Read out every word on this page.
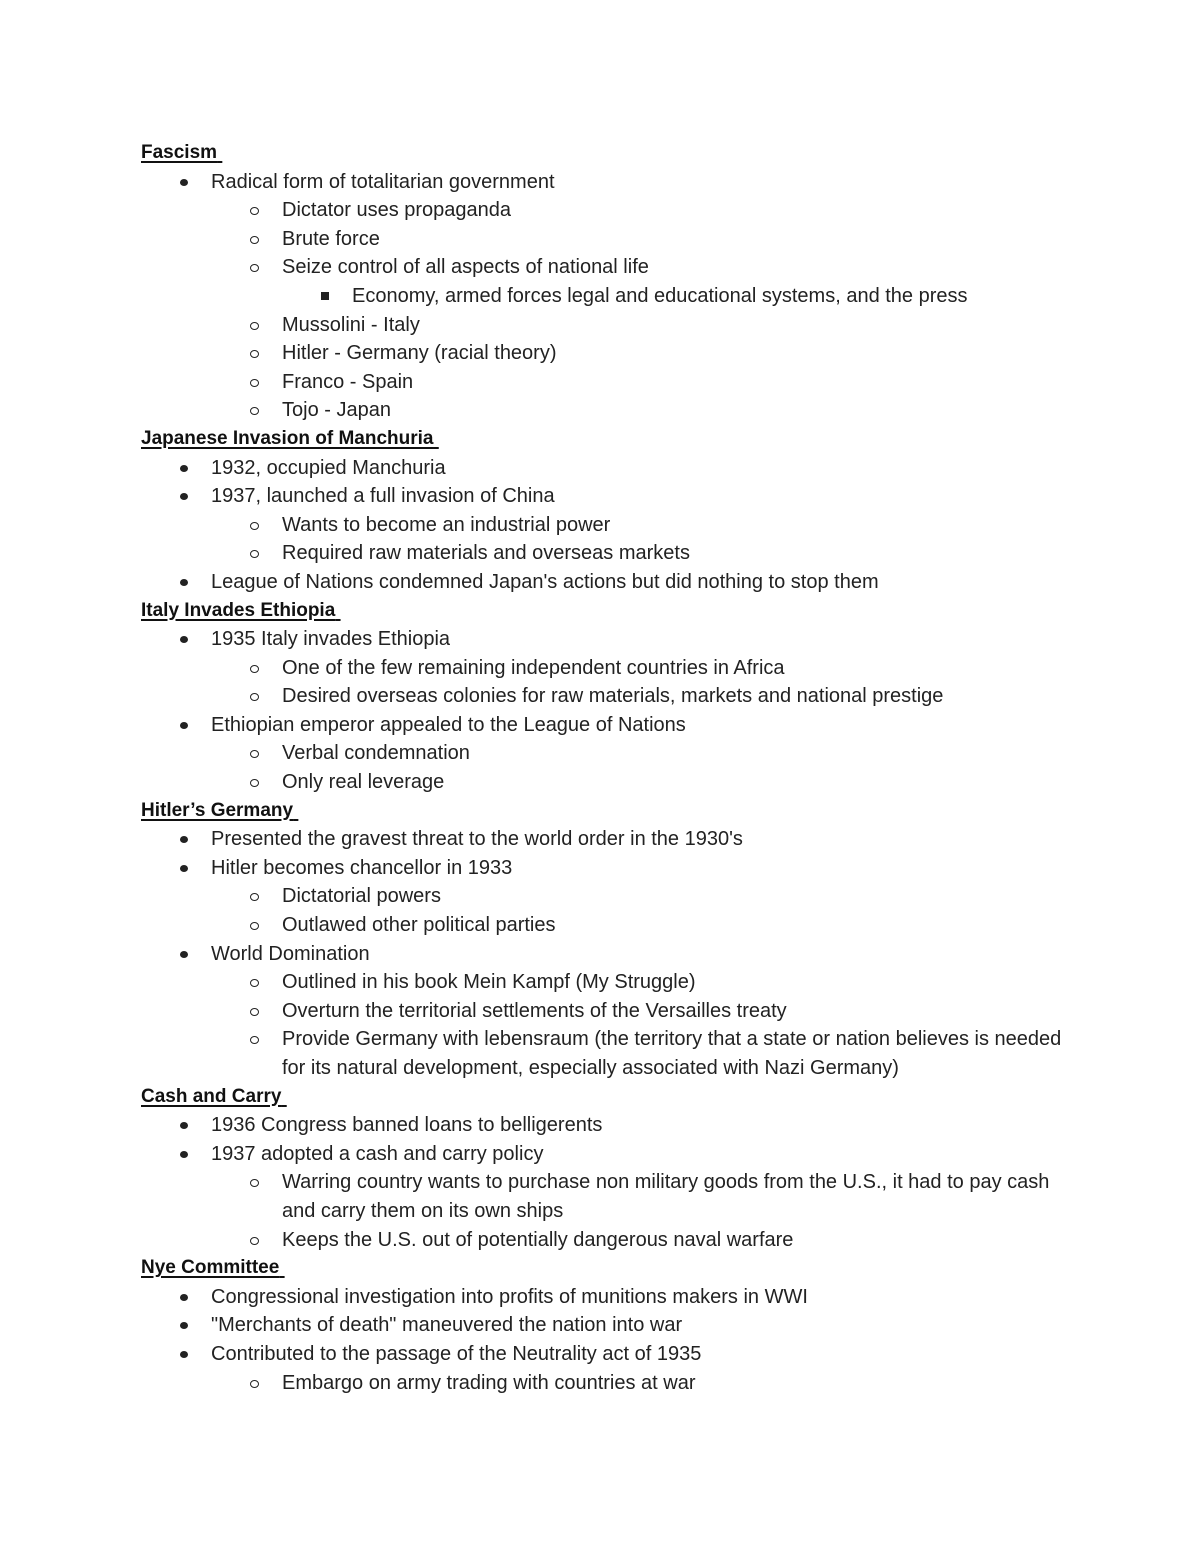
Fascism
Radical form of totalitarian government
Dictator uses propaganda
Brute force
Seize control of all aspects of national life
Economy, armed forces legal and educational systems, and the press
Mussolini - Italy
Hitler - Germany (racial theory)
Franco - Spain
Tojo - Japan
Japanese Invasion of Manchuria
1932, occupied Manchuria
1937, launched a full invasion of China
Wants to become an industrial power
Required raw materials and overseas markets
League of Nations condemned Japan's actions but did nothing to stop them
Italy Invades Ethiopia
1935 Italy invades Ethiopia
One of the few remaining independent countries in Africa
Desired overseas colonies for raw materials, markets and national prestige
Ethiopian emperor appealed to the League of Nations
Verbal condemnation
Only real leverage
Hitler’s Germany
Presented the gravest threat to the world order in the 1930's
Hitler becomes chancellor in 1933
Dictatorial powers
Outlawed other political parties
World Domination
Outlined in his book Mein Kampf (My Struggle)
Overturn the territorial settlements of the Versailles treaty
Provide Germany with lebensraum (the territory that a state or nation believes is needed for its natural development, especially associated with Nazi Germany)
Cash and Carry
1936 Congress banned loans to belligerents
1937 adopted a cash and carry policy
Warring country wants to purchase non military goods from the U.S., it had to pay cash and carry them on its own ships
Keeps the U.S. out of potentially dangerous naval warfare
Nye Committee
Congressional investigation into profits of munitions makers in WWI
"Merchants of death" maneuvered the nation into war
Contributed to the passage of the Neutrality act of 1935
Embargo on army trading with countries at war
